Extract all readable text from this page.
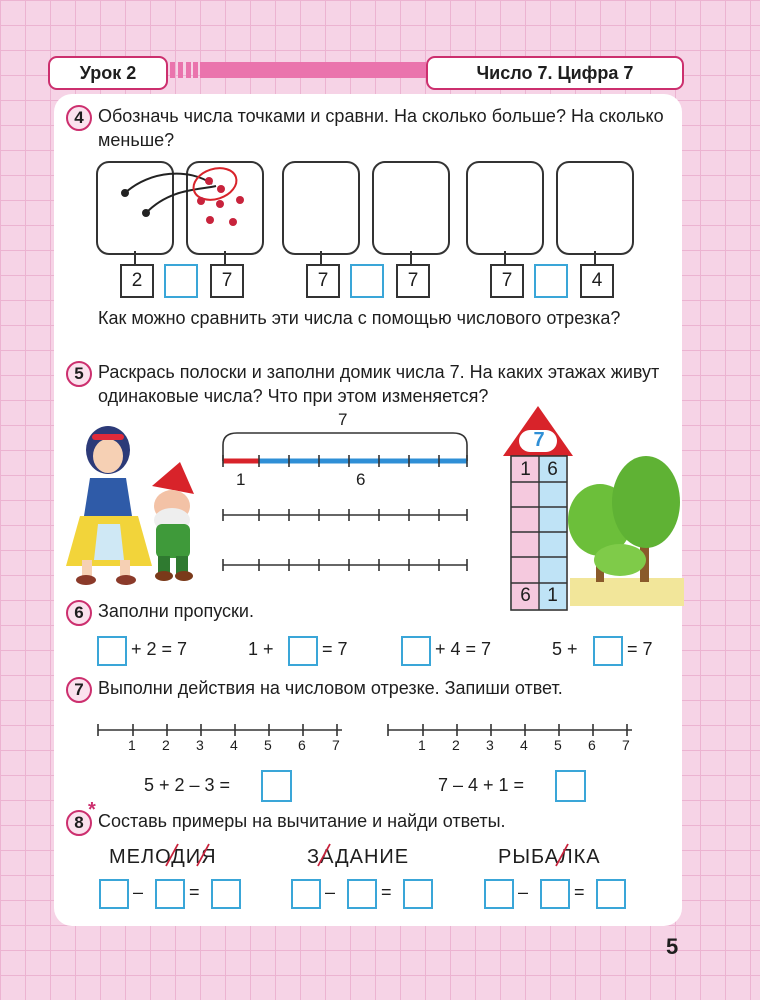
Урок 2	Число 7. Цифра 7
4 Обозначь числа точками и сравни. На сколько больше? На сколько меньше?
2	7	7	7	7	4
Как можно сравнить эти числа с помощью числового отрезка?
5 Раскрась полоски и заполни домик числа 7. На каких этажах живут одинаковые числа? Что при этом изменяется?
7
1	6
7
1 6
6 1
6 Заполни пропуски.
+ 2 = 7	1 +	= 7	+ 4 = 7	5 +	= 7
7 Выполни действия на числовом отрезке. Запиши ответ.
1 2 3 4 5 6 7	1 2 3 4 5 6 7
5 + 2 – 3 =	7 – 4 + 1 =
8
* Составь примеры на вычитание и найди ответы.
МЕЛОДИЯ	ЗАДАНИЕ	РЫБАЛКА
–	=	–	=	–	=
5
